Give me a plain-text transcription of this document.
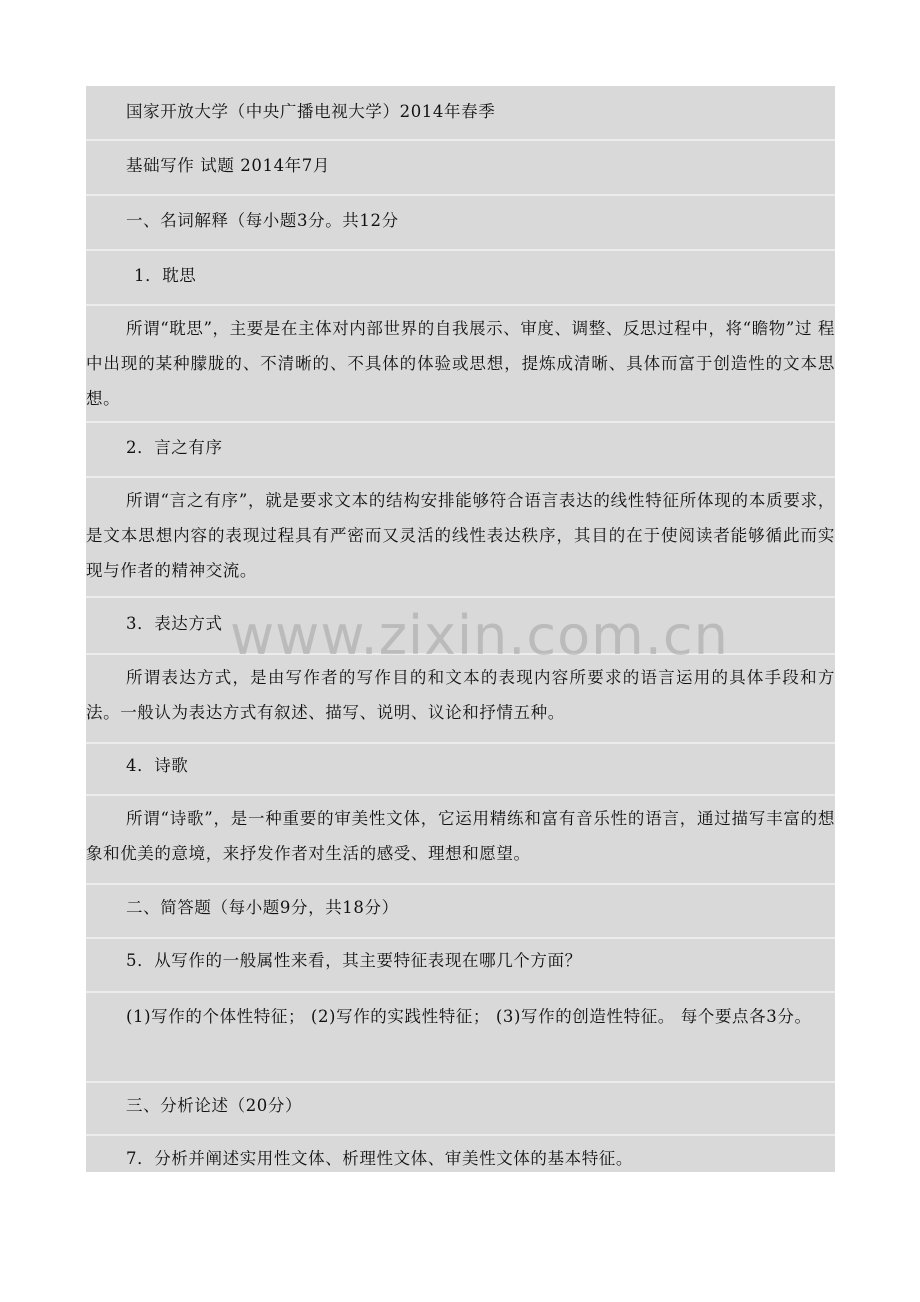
国家开放大学（中央广播电视大学）2014年春季

基础写作 试题 2014年7月

一、名词解释（每小题3分。共12分

1．耽思

所谓“耽思”，主要是在主体对内部世界的自我展示、审度、调整、反思过程中，将“瞻物”过 程中出现的某种朦胧的、不清晰的、不具体的体验或思想，提炼成清晰、具体而富于创造性的文本思想。

2．言之有序

所谓“言之有序”，就是要求文本的结构安排能够符合语言表达的线性特征所体现的本质要求，是文本思想内容的表现过程具有严密而又灵活的线性表达秩序，其目的在于使阅读者能够循此而实现与作者的精神交流。

3．表达方式

所谓表达方式，是由写作者的写作目的和文本的表现内容所要求的语言运用的具体手段和方法。一般认为表达方式有叙述、描写、说明、议论和抒情五种。

4．诗歌

所谓“诗歌”，是一种重要的审美性文体，它运用精练和富有音乐性的语言，通过描写丰富的想象和优美的意境，来抒发作者对生活的感受、理想和愿望。

二、简答题（每小题9分，共18分）

5．从写作的一般属性来看，其主要特征表现在哪几个方面？

(1)写作的个体性特征； (2)写作的实践性特征； (3)写作的创造性特征。 每个要点各3分。

三、分析论述（20分）

7．分析并阐述实用性文体、析理性文体、审美性文体的基本特征。

www.zixin.com.cn
